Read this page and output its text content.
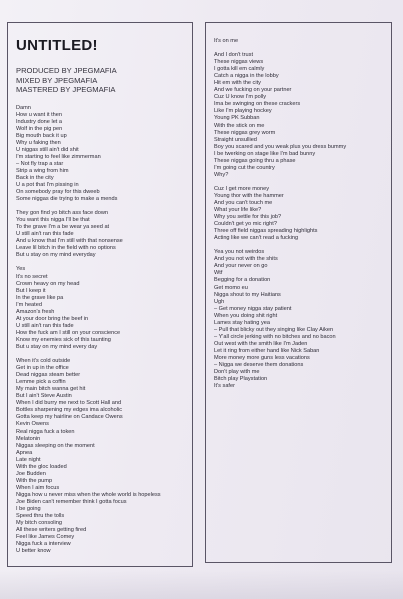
UNTITLED!
PRODUCED BY JPEGMAFIA
MIXED BY JPEGMAFIA
MASTERED BY JPEGMAFIA
Damn
How u want it then
Industry done let a
Wolf in the pig pen
Big mouth back it up
Why u faking then
U niggas still ain't did shit
I'm starting to feel like zimmerman
– Not fly trap a star
Strip a wing from him
Back in the city
U a pot that I'm pissing in
On somebody pray for this dweeb
Some niggas die trying to make a mends
They gon find yo bitch ass face down
You want this nigga I'll be that
To the grave I'm a be wear ya seed at
U still ain't ran this fade
And u know that I'm still with that nonsense
Leave lil bitch in the field with no options
But u stay on my mind everyday
Yes
It's no secret
Crown heavy on my head
But I keep it
In the grave like pa
I'm heated
Amazon's fresh
At your door bring the beef in
U still ain't ran this fade
How the fuck am I still on your conscience
Know my enemies sick of this taunting
But u stay on my mind every day
When it's cold outside
Get in up in the office
Dead niggas steam better
Lemme pick a coffin
My main bitch wanna get hit
But I ain't Steve Austin
When I did burry me next to Scott Hall and
Bottles sharpening my edges ima alcoholic
Gotta keep my hairline on Candace Owens
Kevin Owens
Real nigga fuck a token
Melatonin
Niggas sleeping on the moment
Apnea
Late night
With the gloc loaded
Joe Budden
With the pump
When I aim focus
Nigga how u never miss when the whole world is hopeless
Joe Biden can't remember think I gotta focus
I be going
Speed thru the tolls
My bitch consoling
All these writers getting fired
Feel like James Comey
Nigga fuck a interview
U better know
It's on me
And I don't trust
These niggas views
I gotta kill em calmly
Catch a nigga in the lobby
Hit em with the city
And we fucking on your partner
Cuz U know I'm polly
Ima be swinging on these crackers
Like I'm playing hockey
Young PK Subban
With the stick on me
These niggas grey worm
Straight unsullied
Boy you scared and you weak plus you dress bummy
I be twerking on stage like I'm bad bunny
These niggas going thru a phase
I'm going cut the country
Why?
Cuz I get more money
Young thor with the hammer
And you can't touch me
What your life like?
Why you settle for this job?
Couldn't get yo mic right?
Three off field niggas spreading highlights
Acting like we can't read a fucking
Yea you not weirdos
And you not with the shits
And your never on go
Wtf
Begging for a donation
Get momo eu
Nigga shout to my Haitians
Ugh
– Get money nigga stay patient
When you doing shit right
Lames stay hating yea
– Pull that blicky out they singing like Clay Aiken
– Y'all circle jerking with no bitches and no bacon
Out west with the smith like I'm Jaden
Let it ring from either hand like Nick Saban
More money more guns less vacations
– Nigga we deserve them donations
Don't play with me
Bitch play Playstation
It's safer
